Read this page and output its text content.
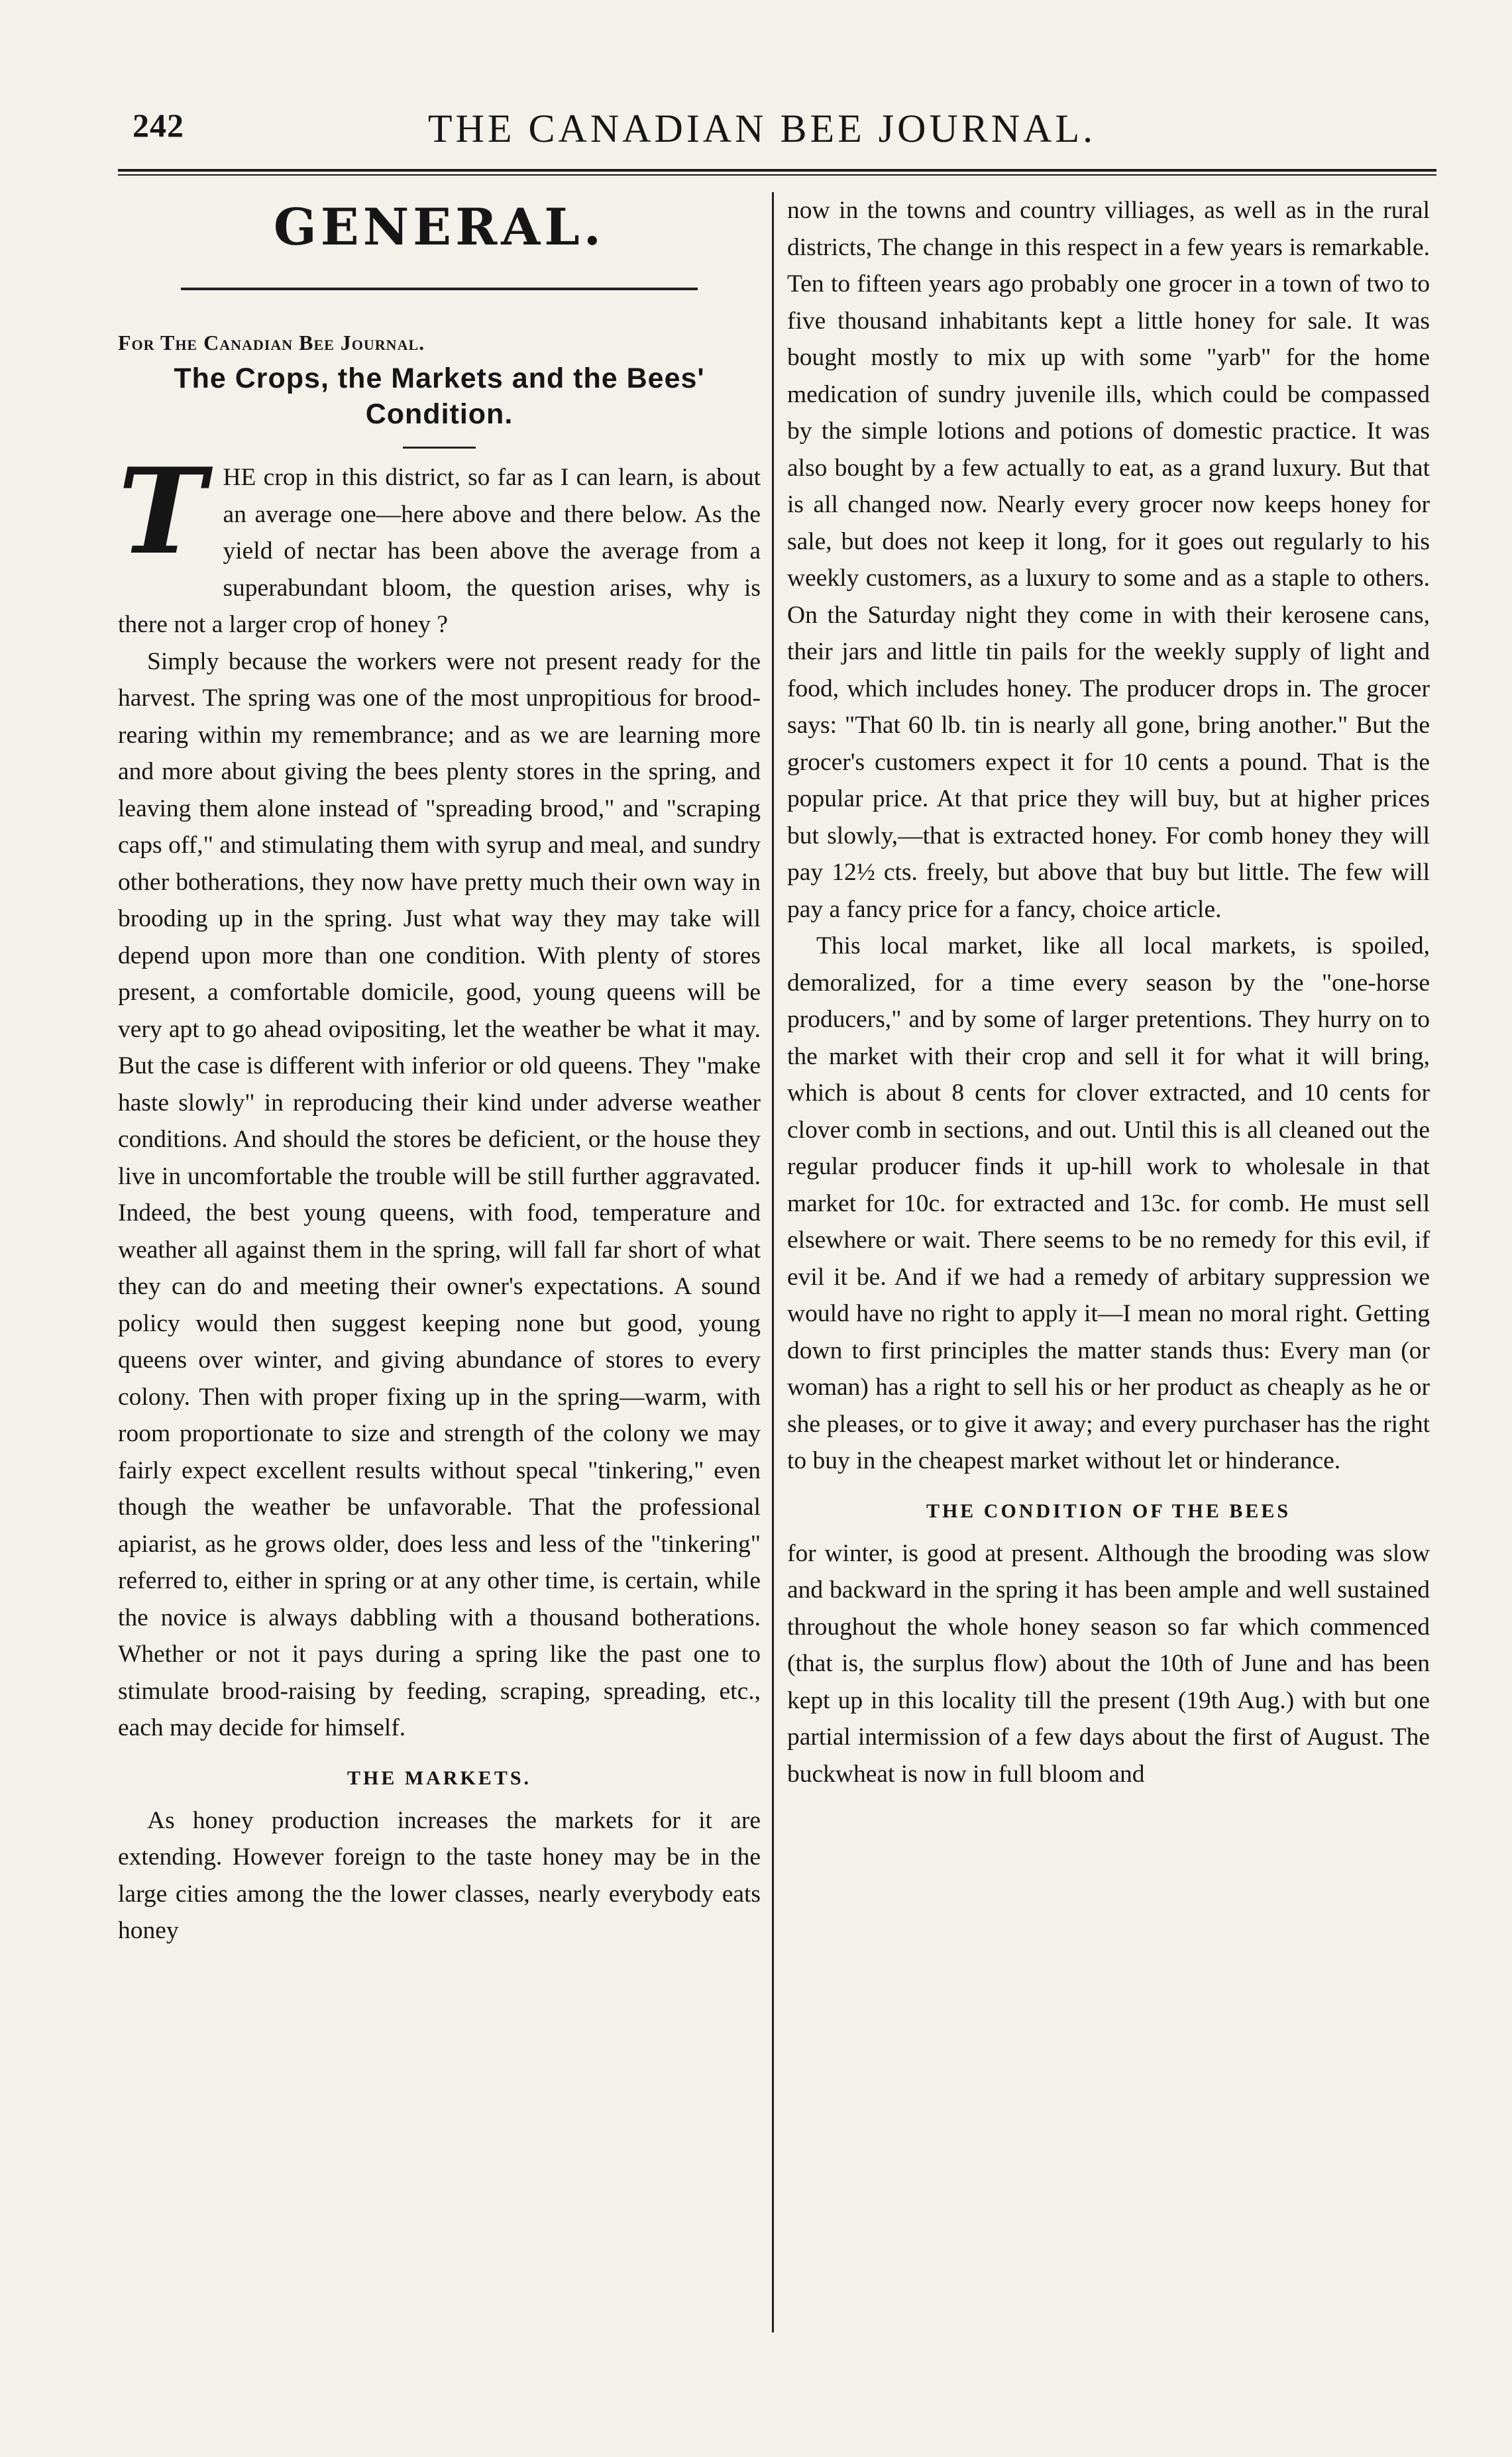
242	THE CANADIAN BEE JOURNAL.
GENERAL.

For The Canadian Bee Journal.

The Crops, the Markets and the Bees' Condition.
T HE crop in this district, so far as I can learn, is about an average one—here above and there below. As the yield of nectar has been above the average from a superabundant bloom, the question arises, why is there not a larger crop of honey ?

Simply because the workers were not present ready for the harvest. The spring was one of the most unpropitious for brood-rearing within my remembrance; and as we are learning more and more about giving the bees plenty stores in the spring, and leaving them alone instead of "spreading brood," and "scraping caps off," and stimulating them with syrup and meal, and sundry other botherations, they now have pretty much their own way in brooding up in the spring. Just what way they may take will depend upon more than one condition. With plenty of stores present, a comfortable domicile, good, young queens will be very apt to go ahead ovipositing, let the weather be what it may. But the case is different with inferior or old queens. They "make haste slowly" in reproducing their kind under adverse weather conditions. And should the stores be deficient, or the house they live in uncomfortable the trouble will be still further aggravated. Indeed, the best young queens, with food, temperature and weather all against them in the spring, will fall far short of what they can do and meeting their owner's expectations. A sound policy would then suggest keeping none but good, young queens over winter, and giving abundance of stores to every colony. Then with proper fixing up in the spring—warm, with room proportionate to size and strength of the colony we may fairly expect excellent results without specal "tinkering," even though the weather be unfavorable. That the professional apiarist, as he grows older, does less and less of the "tinkering" referred to, either in spring or at any other time, is certain, while the novice is always dabbling with a thousand botherations. Whether or not it pays during a spring like the past one to stimulate brood-raising by feeding, scraping, spreading, etc., each may decide for himself.

THE MARKETS.

As honey production increases the markets for it are extending. However foreign to the taste honey may be in the large cities among the the lower classes, nearly everybody eats honey

now in the towns and country villiages, as well as in the rural districts, The change in this respect in a few years is remarkable. Ten to fifteen years ago probably one grocer in a town of two to five thousand inhabitants kept a little honey for sale. It was bought mostly to mix up with some "yarb" for the home medication of sundry juvenile ills, which could be compassed by the simple lotions and potions of domestic practice. It was also bought by a few actually to eat, as a grand luxury. But that is all changed now. Nearly every grocer now keeps honey for sale, but does not keep it long, for it goes out regularly to his weekly customers, as a luxury to some and as a staple to others. On the Saturday night they come in with their kerosene cans, their jars and little tin pails for the weekly supply of light and food, which includes honey. The producer drops in. The grocer says: "That 60 lb. tin is nearly all gone, bring another." But the grocer's customers expect it for 10 cents a pound. That is the popular price. At that price they will buy, but at higher prices but slowly,—that is extracted honey. For comb honey they will pay 12½ cts. freely, but above that buy but little. The few will pay a fancy price for a fancy, choice article.

This local market, like all local markets, is spoiled, demoralized, for a time every season by the "one-horse producers," and by some of larger pretentions. They hurry on to the market with their crop and sell it for what it will bring, which is about 8 cents for clover extracted, and 10 cents for clover comb in sections, and out. Until this is all cleaned out the regular producer finds it up-hill work to wholesale in that market for 10c. for extracted and 13c. for comb. He must sell elsewhere or wait. There seems to be no remedy for this evil, if evil it be. And if we had a remedy of arbitary suppression we would have no right to apply it—I mean no moral right. Getting down to first principles the matter stands thus: Every man (or woman) has a right to sell his or her product as cheaply as he or she pleases, or to give it away; and every purchaser has the right to buy in the cheapest market without let or hinderance.

THE CONDITION OF THE BEES

for winter, is good at present. Although the brooding was slow and backward in the spring it has been ample and well sustained throughout the whole honey season so far which commenced (that is, the surplus flow) about the 10th of June and has been kept up in this locality till the present (19th Aug.) with but one partial intermission of a few days about the first of August. The buckwheat is now in full bloom and
